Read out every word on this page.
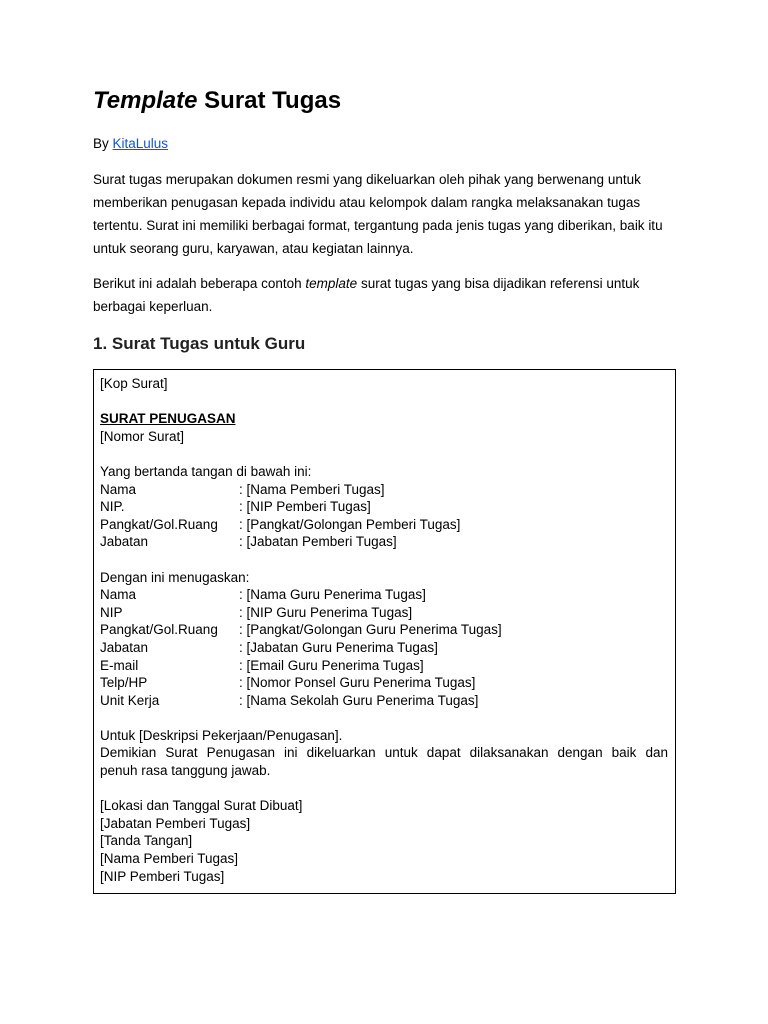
Template Surat Tugas
By KitaLulus

Surat tugas merupakan dokumen resmi yang dikeluarkan oleh pihak yang berwenang untuk memberikan penugasan kepada individu atau kelompok dalam rangka melaksanakan tugas tertentu. Surat ini memiliki berbagai format, tergantung pada jenis tugas yang diberikan, baik itu untuk seorang guru, karyawan, atau kegiatan lainnya.

Berikut ini adalah beberapa contoh template surat tugas yang bisa dijadikan referensi untuk berbagai keperluan.

1. Surat Tugas untuk Guru
[Kop Surat]
SURAT PENUGASAN
[Nomor Surat]
Yang bertanda tangan di bawah ini:
Nama	: [Nama Pemberi Tugas]
NIP.	: [NIP Pemberi Tugas]
Pangkat/Gol.Ruang	: [Pangkat/Golongan Pemberi Tugas]
Jabatan	: [Jabatan Pemberi Tugas]
Dengan ini menugaskan:
Nama	: [Nama Guru Penerima Tugas]
NIP	: [NIP Guru Penerima Tugas]
Pangkat/Gol.Ruang	: [Pangkat/Golongan Guru Penerima Tugas]
Jabatan	: [Jabatan Guru Penerima Tugas]
E-mail	: [Email Guru Penerima Tugas]
Telp/HP	: [Nomor Ponsel Guru Penerima Tugas]
Unit Kerja	: [Nama Sekolah Guru Penerima Tugas]
Untuk [Deskripsi Pekerjaan/Penugasan].
Demikian Surat Penugasan ini dikeluarkan untuk dapat dilaksanakan dengan baik dan
penuh rasa tanggung jawab.
[Lokasi dan Tanggal Surat Dibuat]
[Jabatan Pemberi Tugas]
[Tanda Tangan]
[Nama Pemberi Tugas]
[NIP Pemberi Tugas]
